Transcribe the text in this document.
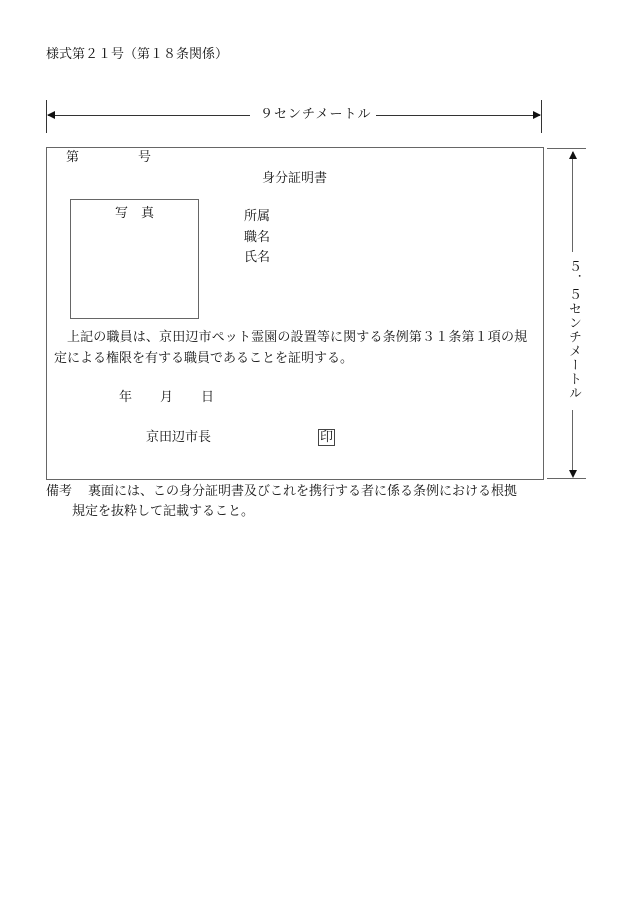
様式第２１号（第１８条関係）
９センチメートル
第	号
身分証明書
写　真	所属
職名
氏名
上記の職員は、京田辺市ペット霊園の設置等に関する条例第３１条第１項の規
定による権限を有する職員であることを証明する。
年 月 日
京田辺市長	印
５．５センチメートル
備考 裏面には、この身分証明書及びこれを携行する者に係る条例における根拠
規定を抜粋して記載すること。
